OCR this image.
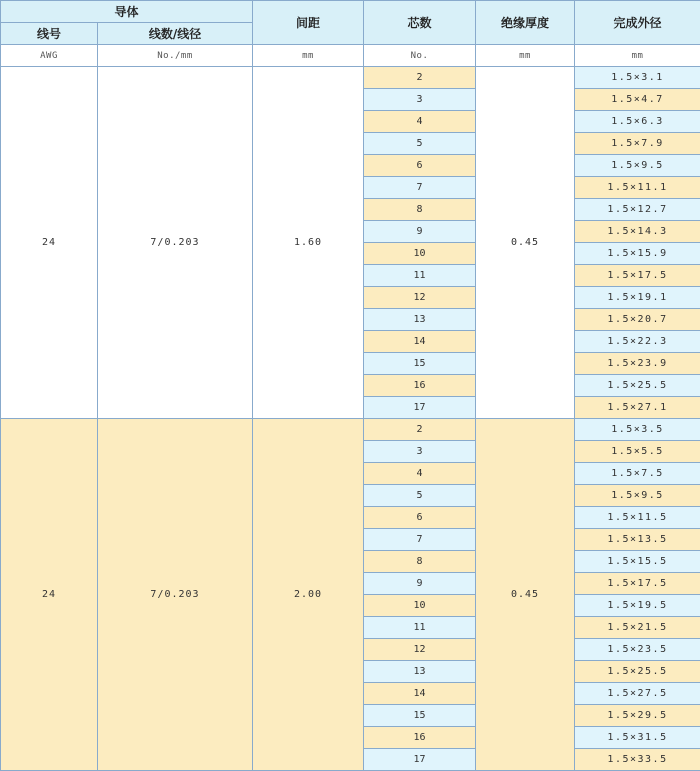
导体		间距	芯数	绝缘厚度	完成外径
线号	线数/线径				
AWG	No./mm	mm	No.	mm	mm
24	7/0.203	1.60	2	0.45	1.5×3.1
			3		1.5×4.7
			4		1.5×6.3
			5		1.5×7.9
			6		1.5×9.5
			7		1.5×11.1
			8		1.5×12.7
			9		1.5×14.3
			10		1.5×15.9
			11		1.5×17.5
			12		1.5×19.1
			13		1.5×20.7
			14		1.5×22.3
			15		1.5×23.9
			16		1.5×25.5
			17		1.5×27.1
24	7/0.203	2.00	2	0.45	1.5×3.5
			3		1.5×5.5
			4		1.5×7.5
			5		1.5×9.5
			6		1.5×11.5
			7		1.5×13.5
			8		1.5×15.5
			9		1.5×17.5
			10		1.5×19.5
			11		1.5×21.5
			12		1.5×23.5
			13		1.5×25.5
			14		1.5×27.5
			15		1.5×29.5
			16		1.5×31.5
			17		1.5×33.5
